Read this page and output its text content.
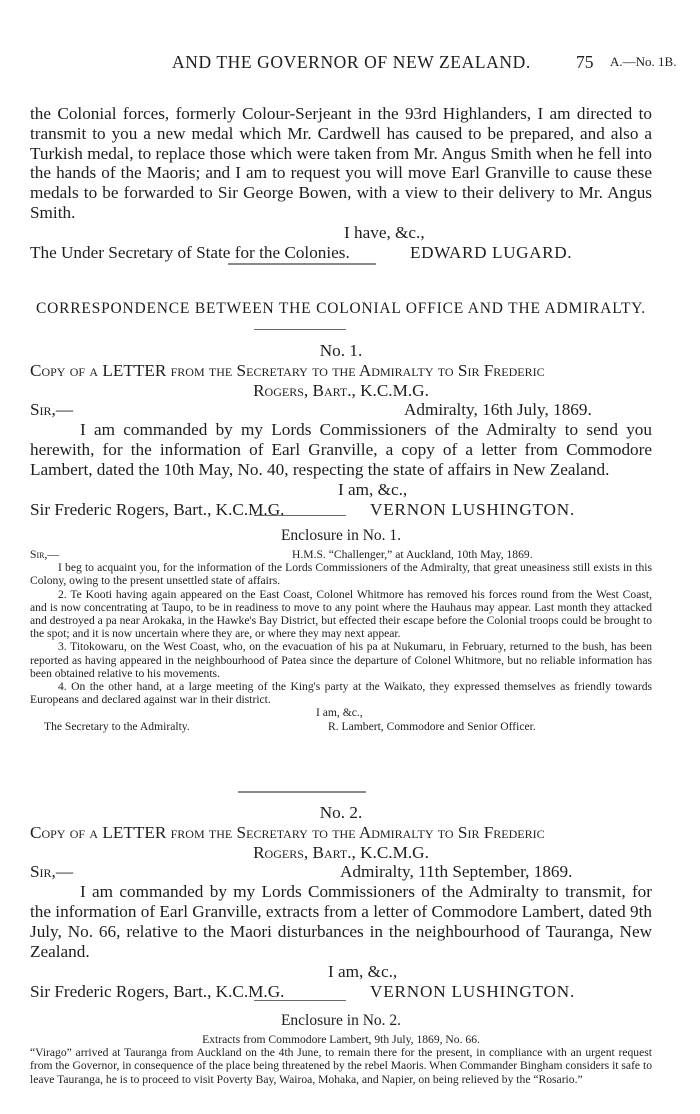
AND THE GOVERNOR OF NEW ZEALAND.	75 A.—No. 1B.

the Colonial forces, formerly Colour-Serjeant in the 93rd Highlanders, I am directed to transmit to you a new medal which Mr. Cardwell has caused to be prepared, and also a Turkish medal, to replace those which were taken from Mr. Angus Smith when he fell into the hands of the Maoris; and I am to request you will move Earl Granville to cause these medals to be forwarded to Sir George Bowen, with a view to their delivery to Mr. Angus Smith.

I have, &c.,
The Under Secretary of State for the Colonies.	EDWARD LUGARD.
CORRESPONDENCE BETWEEN THE COLONIAL OFFICE AND THE ADMIRALTY.
No. 1.
Copy of a LETTER from the Secretary to the Admiralty to Sir Frederic
Rogers, Bart., K.C.M.G.
Sir,—	Admiralty, 16th July, 1869.

I am commanded by my Lords Commissioners of the Admiralty to send you herewith, for the information of Earl Granville, a copy of a letter from Commodore Lambert, dated the 10th May, No. 40, respecting the state of affairs in New Zealand.

I am, &c.,
Sir Frederic Rogers, Bart., K.C.M.G.	VERNON LUSHINGTON.
Enclosure in No. 1.
Sir,—	H.M.S. “Challenger,” at Auckland, 10th May, 1869.

I beg to acquaint you, for the information of the Lords Commissioners of the Admiralty, that great uneasiness still exists in this Colony, owing to the present unsettled state of affairs.

2. Te Kooti having again appeared on the East Coast, Colonel Whitmore has removed his forces round from the West Coast, and is now concentrating at Taupo, to be in readiness to move to any point where the Hauhaus may appear. Last month they attacked and destroyed a pa near Arokaka, in the Hawke's Bay District, but effected their escape before the Colonial troops could be brought to the spot; and it is now uncertain where they are, or where they may next appear.

3. Titokowaru, on the West Coast, who, on the evacuation of his pa at Nukumaru, in February, returned to the bush, has been reported as having appeared in the neighbourhood of Patea since the departure of Colonel Whitmore, but no reliable information has been obtained relative to his movements.

4. On the other hand, at a large meeting of the King's party at the Waikato, they expressed themselves as friendly towards Europeans and declared against war in their district.

I am, &c.,
The Secretary to the Admiralty.	R. Lambert, Commodore and Senior Officer.
No. 2.
Copy of a LETTER from the Secretary to the Admiralty to Sir Frederic
Rogers, Bart., K.C.M.G.
Sir,—	Admiralty, 11th September, 1869.

I am commanded by my Lords Commissioners of the Admiralty to transmit, for the information of Earl Granville, extracts from a letter of Commodore Lambert, dated 9th July, No. 66, relative to the Maori disturbances in the neighbourhood of Tauranga, New Zealand.

I am, &c.,
Sir Frederic Rogers, Bart., K.C.M.G.	VERNON LUSHINGTON.
Enclosure in No. 2.
Extracts from Commodore Lambert, 9th July, 1869, No. 66.

“Virago” arrived at Tauranga from Auckland on the 4th June, to remain there for the present, in compliance with an urgent request from the Governor, in consequence of the place being threatened by the rebel Maoris. When Commander Bingham considers it safe to leave Tauranga, he is to proceed to visit Poverty Bay, Wairoa, Mohaka, and Napier, on being relieved by the “Rosario.”
